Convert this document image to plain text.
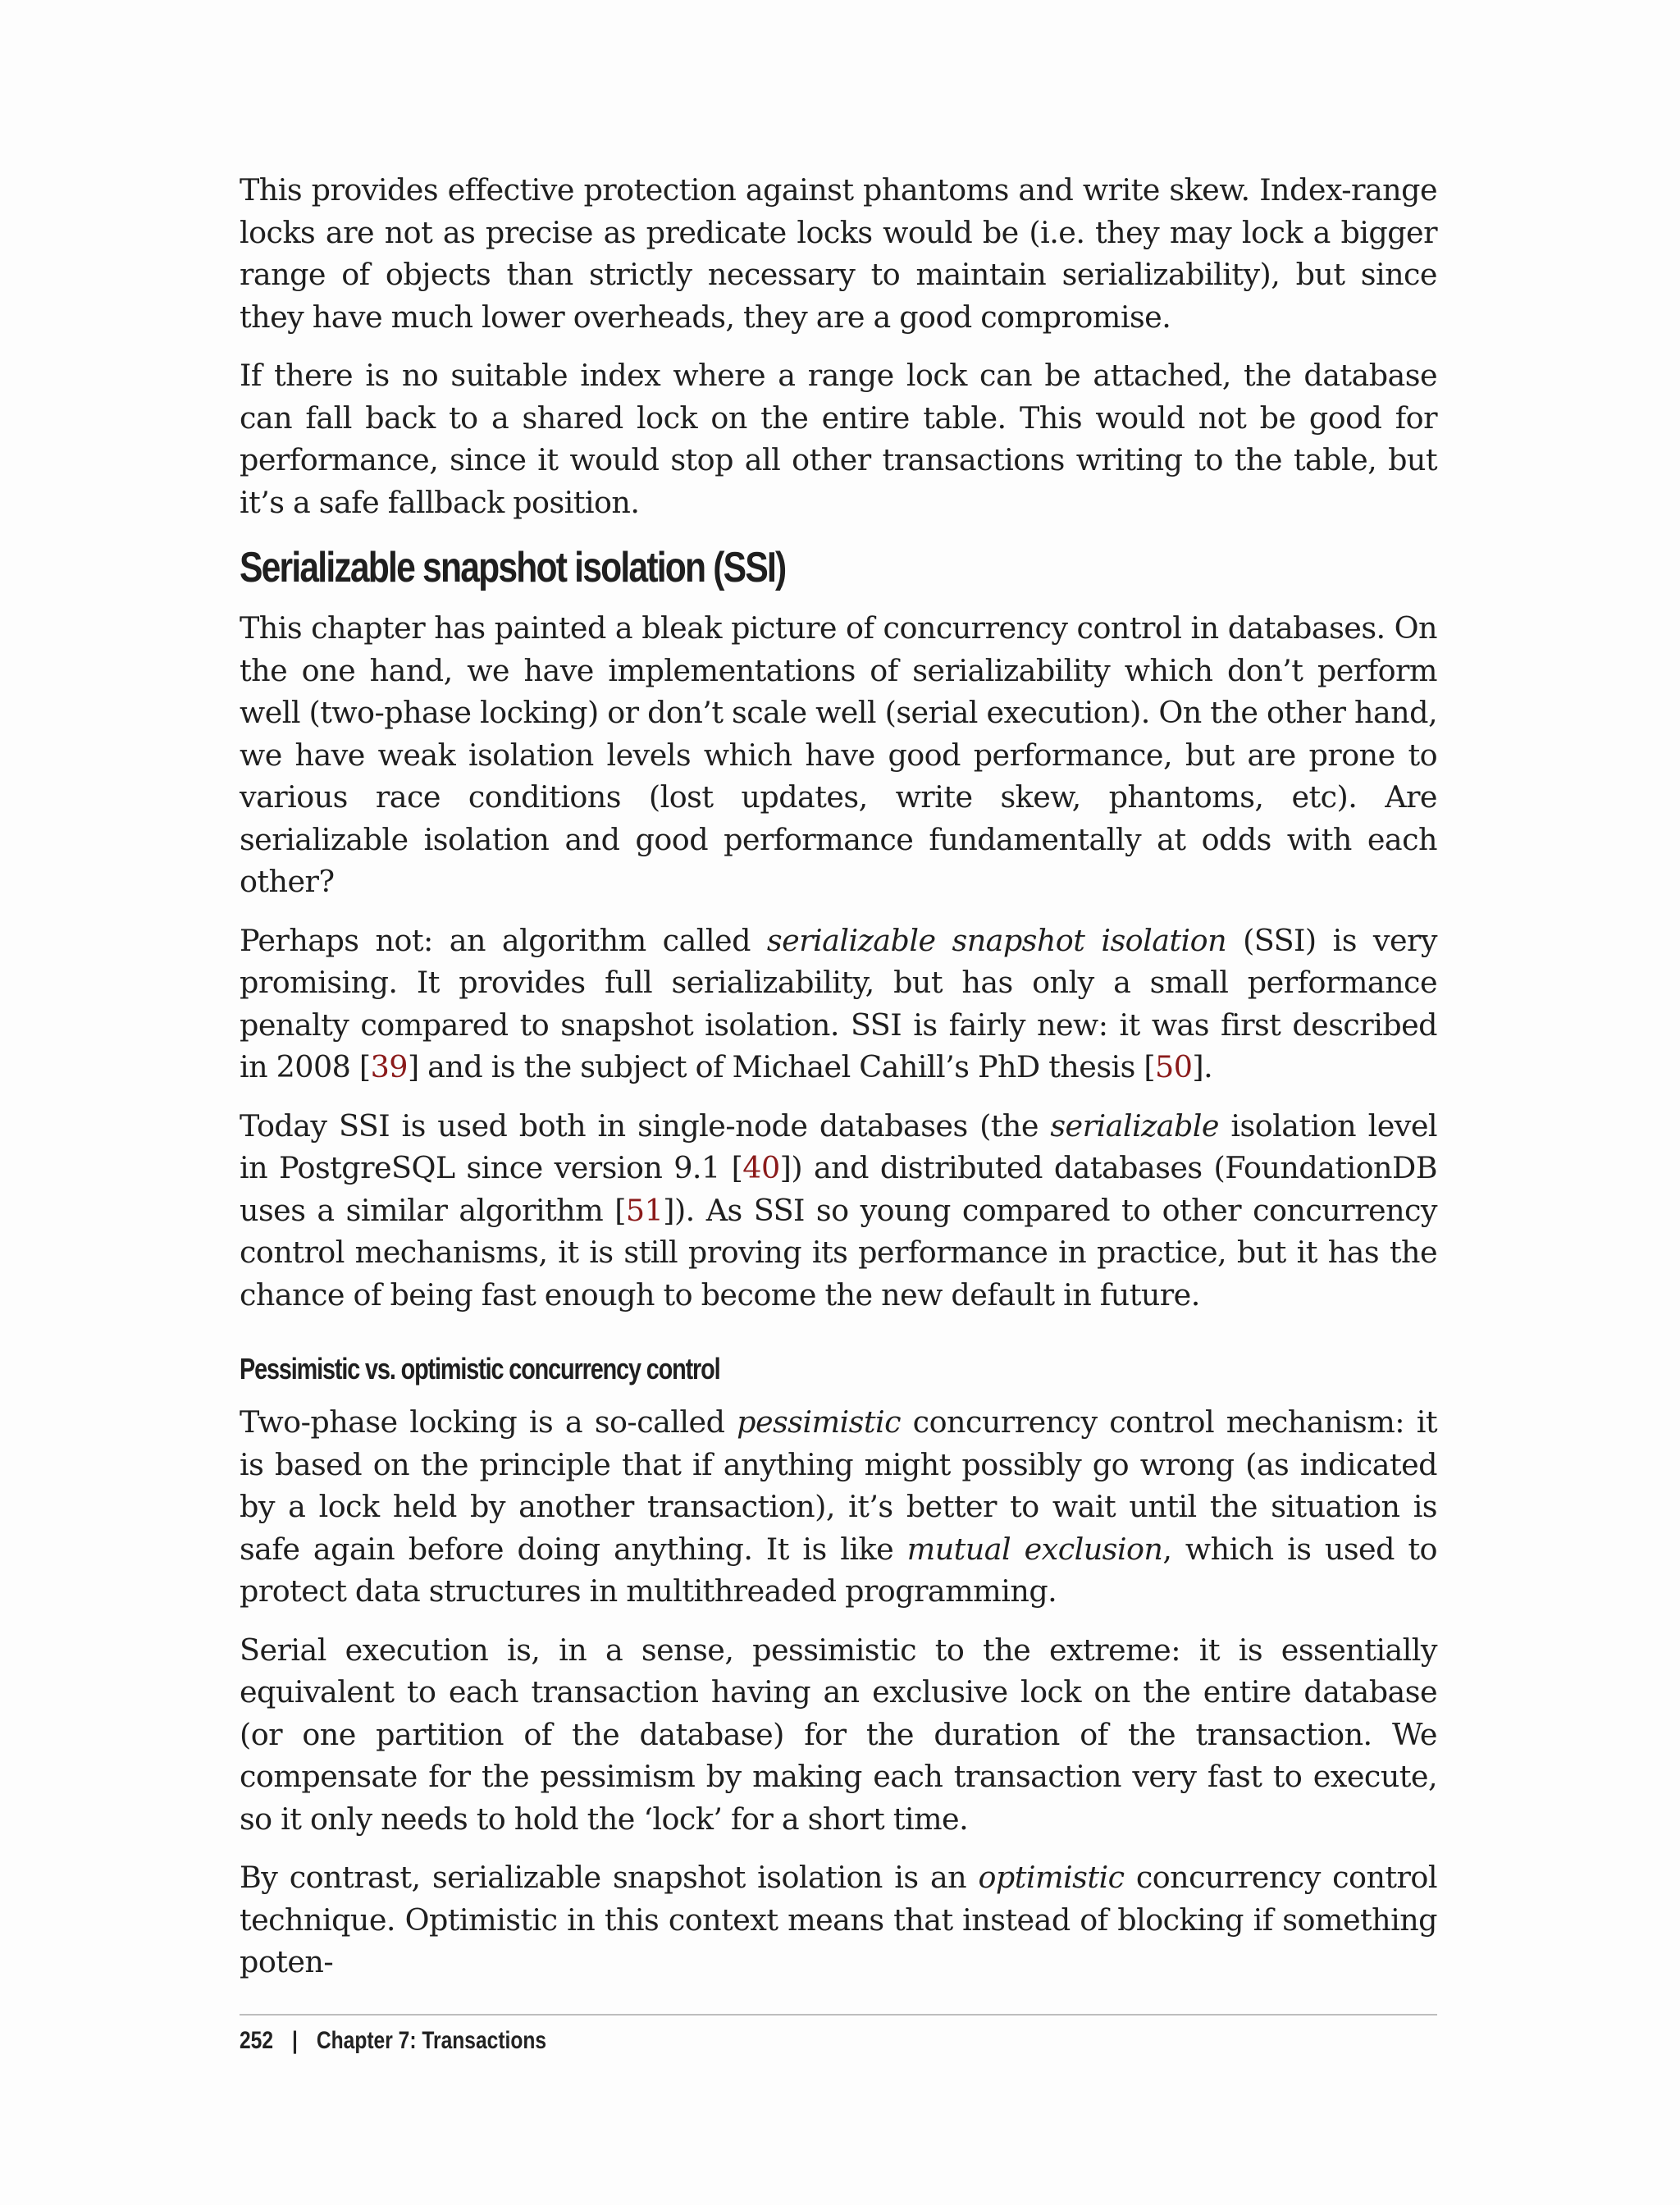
This provides effective protection against phantoms and write skew. Index-range locks are not as precise as predicate locks would be (i.e. they may lock a bigger range of objects than strictly necessary to maintain serializability), but since they have much lower overheads, they are a good compromise.

If there is no suitable index where a range lock can be attached, the database can fall back to a shared lock on the entire table. This would not be good for performance, since it would stop all other transactions writing to the table, but it’s a safe fallback position.

Serializable snapshot isolation (SSI)

This chapter has painted a bleak picture of concurrency control in databases. On the one hand, we have implementations of serializability which don’t perform well (two-phase locking) or don’t scale well (serial execution). On the other hand, we have weak isolation levels which have good performance, but are prone to various race conditions (lost updates, write skew, phantoms, etc). Are serializable isolation and good performance fundamentally at odds with each other?

Perhaps not: an algorithm called serializable snapshot isolation (SSI) is very promising. It provides full serializability, but has only a small performance penalty compared to snapshot isolation. SSI is fairly new: it was first described in 2008 [39] and is the subject of Michael Cahill’s PhD thesis [50].

Today SSI is used both in single-node databases (the serializable isolation level in PostgreSQL since version 9.1 [40]) and distributed databases (FoundationDB uses a similar algorithm [51]). As SSI so young compared to other concurrency control mechanisms, it is still proving its performance in practice, but it has the chance of being fast enough to become the new default in future.

Pessimistic vs. optimistic concurrency control

Two-phase locking is a so-called pessimistic concurrency control mechanism: it is based on the principle that if anything might possibly go wrong (as indicated by a lock held by another transaction), it’s better to wait until the situation is safe again before doing anything. It is like mutual exclusion, which is used to protect data structures in multithreaded programming.

Serial execution is, in a sense, pessimistic to the extreme: it is essentially equivalent to each transaction having an exclusive lock on the entire database (or one partition of the database) for the duration of the transaction. We compensate for the pessimism by making each transaction very fast to execute, so it only needs to hold the ‘lock’ for a short time.

By contrast, serializable snapshot isolation is an optimistic concurrency control technique. Optimistic in this context means that instead of blocking if something poten-

252 | Chapter 7: Transactions
